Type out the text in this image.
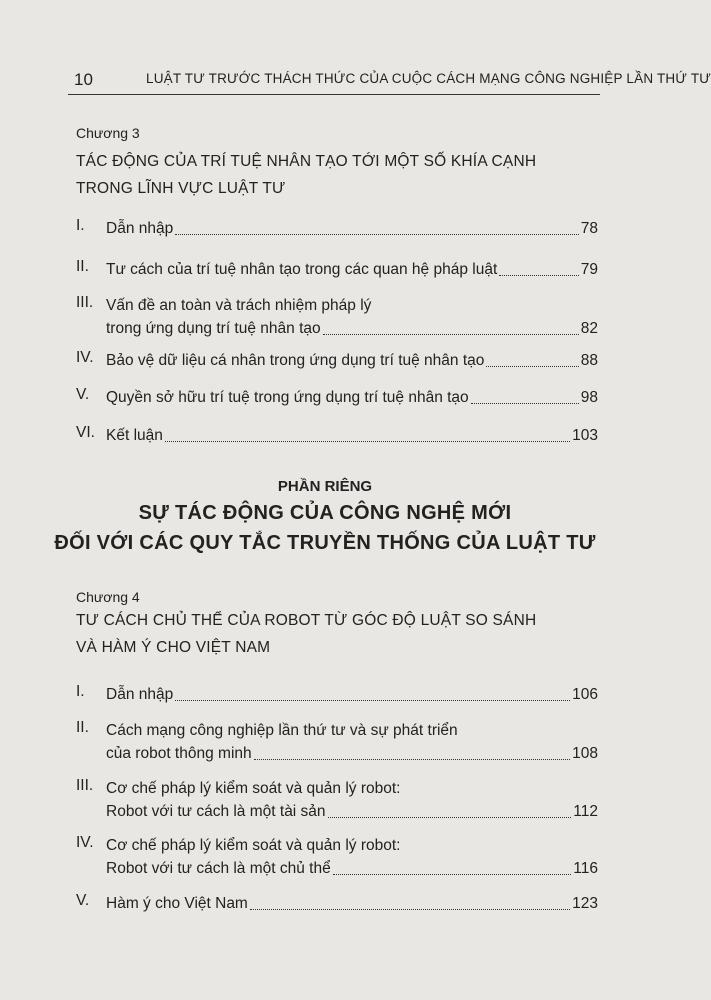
10	LUẬT TƯ TRƯỚC THÁCH THỨC CỦA CUỘC CÁCH MẠNG CÔNG NGHIỆP LẦN THỨ TƯ
Chương 3
TÁC ĐỘNG CỦA TRÍ TUỆ NHÂN TẠO TỚI MỘT SỐ KHÍA CẠNH
TRONG LĨNH VỰC LUẬT TƯ
I. Dẫn nhập	78
II. Tư cách của trí tuệ nhân tạo trong các quan hệ pháp luật	79
III. Vấn đề an toàn và trách nhiệm pháp lý
trong ứng dụng trí tuệ nhân tạo	82
IV. Bảo vệ dữ liệu cá nhân trong ứng dụng trí tuệ nhân tạo	88
V. Quyền sở hữu trí tuệ trong ứng dụng trí tuệ nhân tạo	98
VI. Kết luận	103
PHẦN RIÊNG
SỰ TÁC ĐỘNG CỦA CÔNG NGHỆ MỚI
ĐỐI VỚI CÁC QUY TẮC TRUYỀN THỐNG CỦA LUẬT TƯ
Chương 4
TƯ CÁCH CHỦ THỂ CỦA ROBOT TỪ GÓC ĐỘ LUẬT SO SÁNH
VÀ HÀM Ý CHO VIỆT NAM
I. Dẫn nhập	106
II. Cách mạng công nghiệp lần thứ tư và sự phát triển
của robot thông minh	108
III. Cơ chế pháp lý kiểm soát và quản lý robot:
Robot với tư cách là một tài sản	112
IV. Cơ chế pháp lý kiểm soát và quản lý robot:
Robot với tư cách là một chủ thể	116
V. Hàm ý cho Việt Nam	123
